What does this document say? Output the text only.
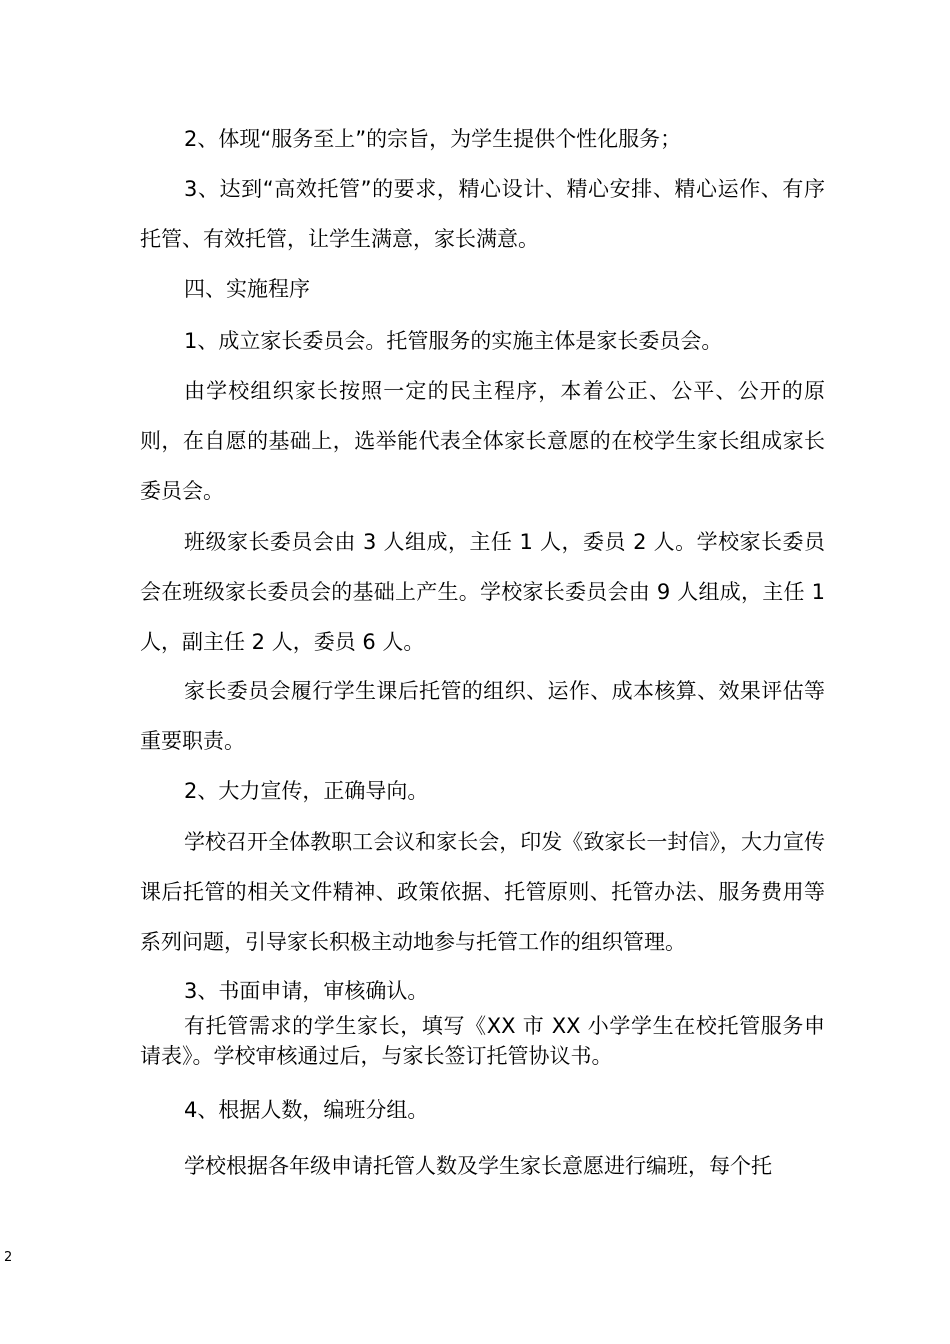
2、体现“服务至上”的宗旨，为学生提供个性化服务；

3、达到“高效托管”的要求，精心设计、精心安排、精心运作、有序托管、有效托管，让学生满意，家长满意。

四、实施程序

1、成立家长委员会。托管服务的实施主体是家长委员会。

由学校组织家长按照一定的民主程序，本着公正、公平、公开的原则，在自愿的基础上，选举能代表全体家长意愿的在校学生家长组成家长委员会。

班级家长委员会由 3 人组成，主任 1 人，委员 2 人。学校家长委员会在班级家长委员会的基础上产生。学校家长委员会由 9 人组成，主任 1 人，副主任 2 人，委员 6 人。

家长委员会履行学生课后托管的组织、运作、成本核算、效果评估等重要职责。

2、大力宣传，正确导向。

学校召开全体教职工会议和家长会，印发《致家长一封信》，大力宣传课后托管的相关文件精神、政策依据、托管原则、托管办法、服务费用等系列问题，引导家长积极主动地参与托管工作的组织管理。

3、书面申请，审核确认。

有托管需求的学生家长，填写《XX 市 XX 小学学生在校托管服务申请表》。学校审核通过后，与家长签订托管协议书。

4、根据人数，编班分组。

学校根据各年级申请托管人数及学生家长意愿进行编班，每个托

2
